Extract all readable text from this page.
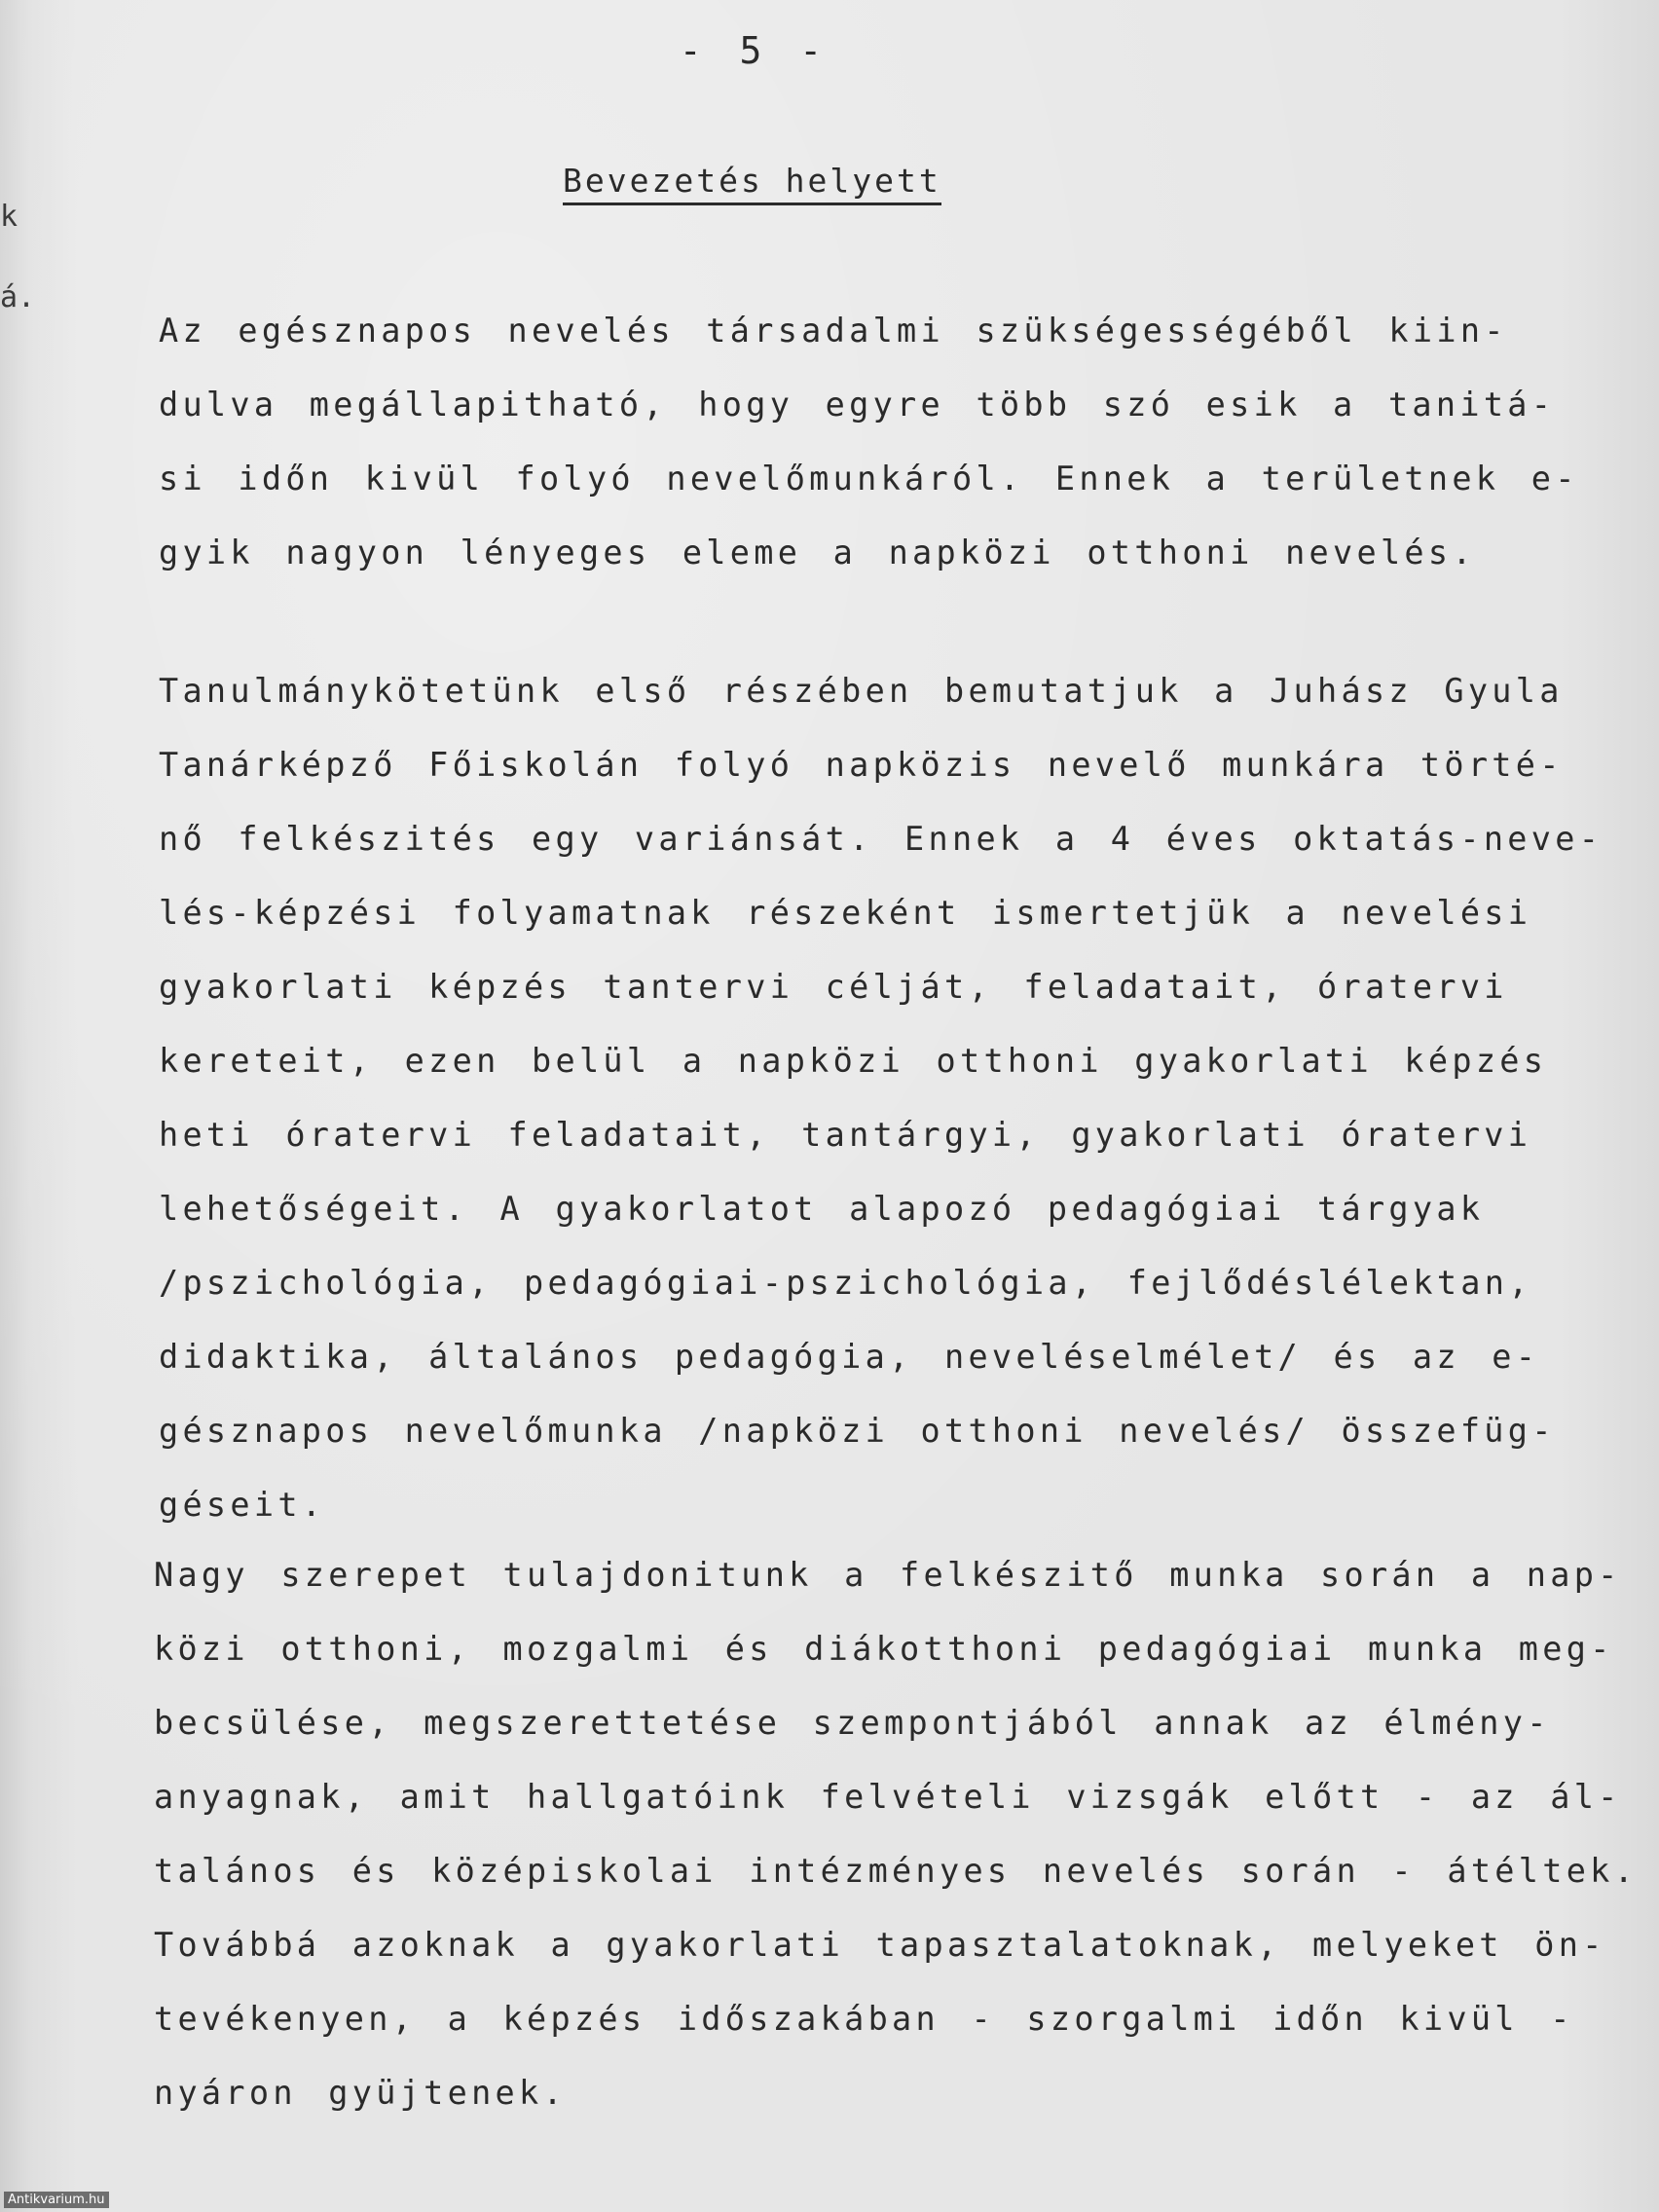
k
á.
- 5 -
Bevezetés helyett
Az egésznapos nevelés társadalmi szükségességéből kiin-
dulva megállapitható, hogy egyre több szó esik a tanitá-
si időn kivül folyó nevelőmunkáról. Ennek a területnek e-
gyik nagyon lényeges eleme a napközi otthoni nevelés.
Tanulmánykötetünk első részében bemutatjuk a Juhász Gyula
Tanárképző Főiskolán folyó napközis nevelő munkára törté-
nő felkészités egy variánsát. Ennek a 4 éves oktatás-neve-
lés-képzési folyamatnak részeként ismertetjük a nevelési
gyakorlati képzés tantervi célját, feladatait, óratervi
kereteit, ezen belül a napközi otthoni gyakorlati képzés
heti óratervi feladatait, tantárgyi, gyakorlati óratervi
lehetőségeit. A gyakorlatot alapozó pedagógiai tárgyak
/pszichológia, pedagógiai-pszichológia, fejlődéslélektan,
didaktika, általános pedagógia, neveléselmélet/ és az e-
gésznapos nevelőmunka /napközi otthoni nevelés/ összefüg-
géseit.
Nagy szerepet tulajdonitunk a felkészitő munka során a nap-
közi otthoni, mozgalmi és diákotthoni pedagógiai munka meg-
becsülése, megszerettetése szempontjából annak az élmény-
anyagnak, amit hallgatóink felvételi vizsgák előtt - az ál-
talános és középiskolai intézményes nevelés során - átéltek.
Továbbá azoknak a gyakorlati tapasztalatoknak, melyeket ön-
tevékenyen, a képzés időszakában - szorgalmi időn kivül -
nyáron gyüjtenek.
Antikvarium.hu
